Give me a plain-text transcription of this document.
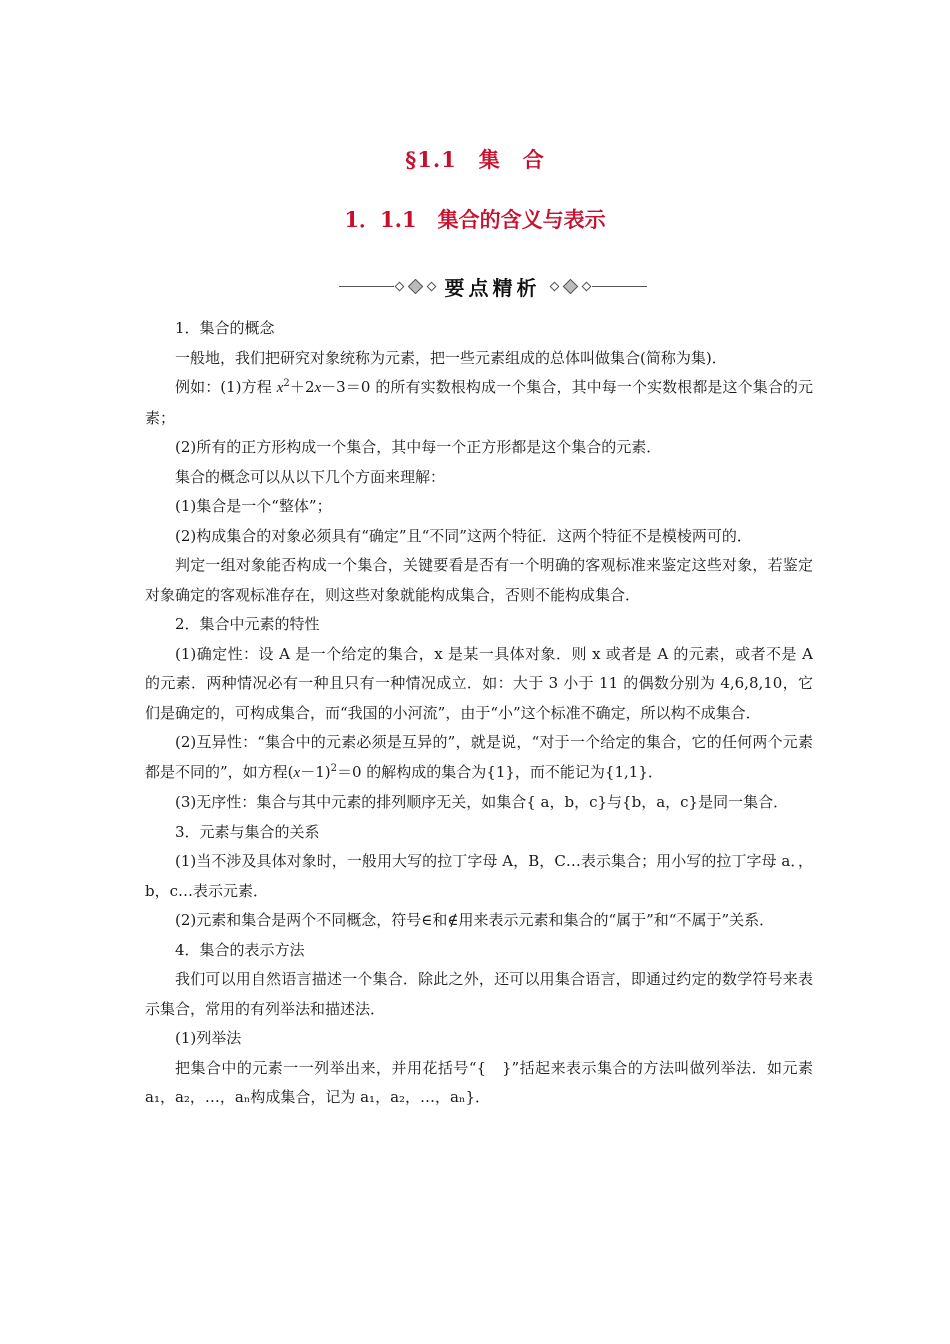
§1.1　集　合
1．1.1　集合的含义与表示
要点精析

1．集合的概念

一般地，我们把研究对象统称为元素，把一些元素组成的总体叫做集合(简称为集)．

例如：(1)方程 $x^2+2x-3=0$ 的所有实数根构成一个集合，其中每一个实数根都是这个集合的元素；

(2)所有的正方形构成一个集合，其中每一个正方形都是这个集合的元素．

集合的概念可以从以下几个方面来理解：

(1)集合是一个“整体”；

(2)构成集合的对象必须具有“确定”且“不同”这两个特征．这两个特征不是模棱两可的．

判定一组对象能否构成一个集合，关键要看是否有一个明确的客观标准来鉴定这些对象，若鉴定对象确定的客观标准存在，则这些对象就能构成集合，否则不能构成集合．

2．集合中元素的特性

(1)确定性：设 A 是一个给定的集合，x 是某一具体对象．则 x 或者是 A 的元素，或者不是 A 的元素．两种情况必有一种且只有一种情况成立．如：大于 3 小于 11 的偶数分别为 4,6,8,10，它们是确定的，可构成集合，而“我国的小河流”，由于“小”这个标准不确定，所以构不成集合．

(2)互异性：“集合中的元素必须是互异的”，就是说，“对于一个给定的集合，它的任何两个元素都是不同的”，如方程$(x-1)^2=0$ 的解构成的集合为{1}，而不能记为{1,1}．

(3)无序性：集合与其中元素的排列顺序无关，如集合{ a，b，c}与{b，a，c}是同一集合．

3．元素与集合的关系

(1)当不涉及具体对象时，一般用大写的拉丁字母 A，B，C…表示集合；用小写的拉丁字母 a．，b，c…表示元素．

(2)元素和集合是两个不同概念，符号∈和∉用来表示元素和集合的“属于”和“不属于”关系．

4．集合的表示方法

我们可以用自然语言描述一个集合．除此之外，还可以用集合语言，即通过约定的数学符号来表示集合，常用的有列举法和描述法．

(1)列举法

把集合中的元素一一列举出来，并用花括号“{　}”括起来表示集合的方法叫做列举法．如元素 a₁，a₂，…，aₙ构成集合，记为 a₁，a₂，…，aₙ}．
